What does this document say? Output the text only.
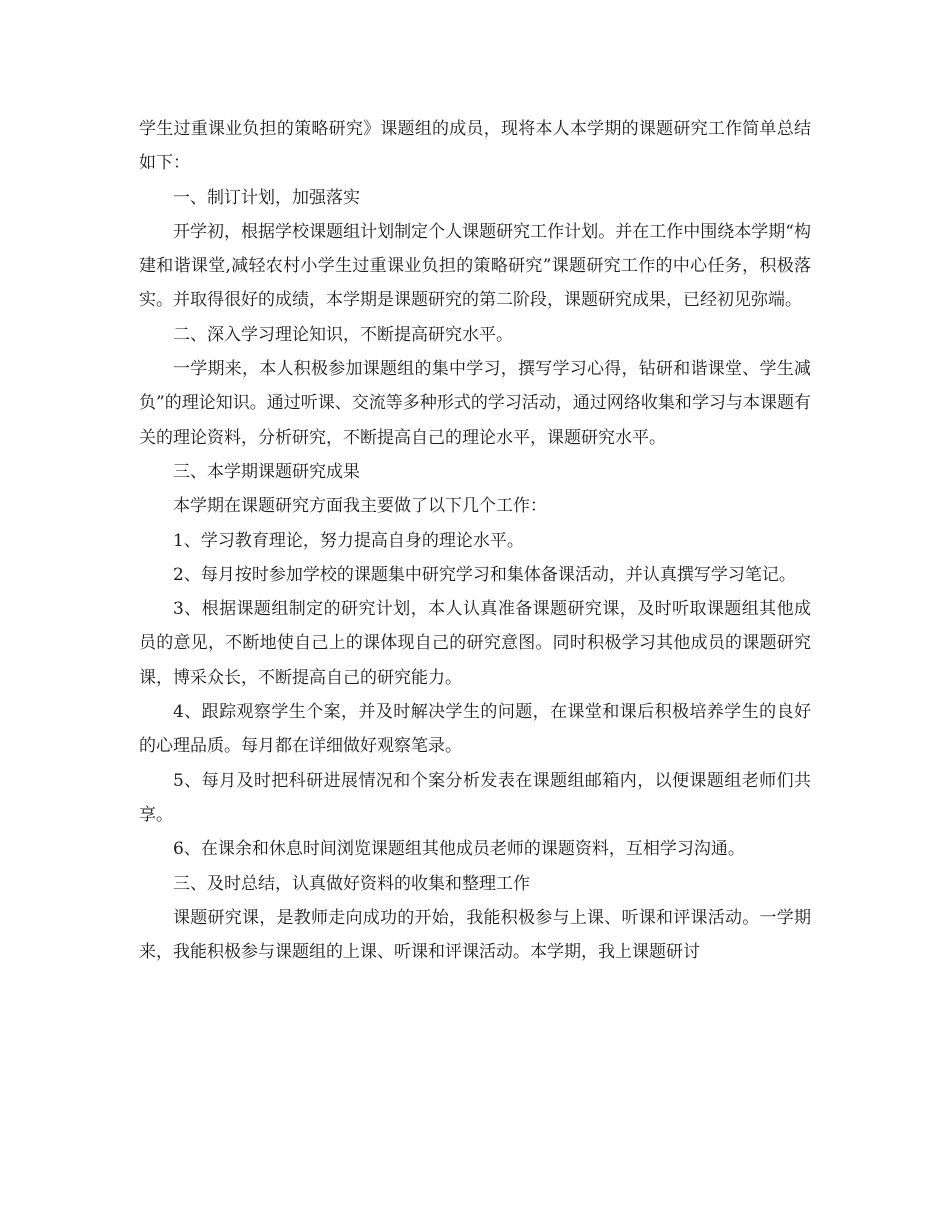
学生过重课业负担的策略研究》课题组的成员，现将本人本学期的课题研究工作简单总结如下：

一、制订计划，加强落实

开学初，根据学校课题组计划制定个人课题研究工作计划。并在工作中围绕本学期“构建和谐课堂,减轻农村小学生过重课业负担的策略研究”课题研究工作的中心任务，积极落实。并取得很好的成绩，本学期是课题研究的第二阶段，课题研究成果，已经初见弥端。

二、深入学习理论知识，不断提高研究水平。

一学期来，本人积极参加课题组的集中学习，撰写学习心得，钻研和谐课堂、学生减负”的理论知识。通过听课、交流等多种形式的学习活动，通过网络收集和学习与本课题有关的理论资料，分析研究，不断提高自己的理论水平，课题研究水平。

三、本学期课题研究成果

本学期在课题研究方面我主要做了以下几个工作：

1、学习教育理论，努力提高自身的理论水平。

2、每月按时参加学校的课题集中研究学习和集体备课活动，并认真撰写学习笔记。

3、根据课题组制定的研究计划，本人认真准备课题研究课，及时听取课题组其他成员的意见，不断地使自己上的课体现自己的研究意图。同时积极学习其他成员的课题研究课，博采众长，不断提高自己的研究能力。

4、跟踪观察学生个案，并及时解决学生的问题，在课堂和课后积极培养学生的良好的心理品质。每月都在详细做好观察笔录。

5、每月及时把科研进展情况和个案分析发表在课题组邮箱内，以便课题组老师们共享。

6、在课余和休息时间浏览课题组其他成员老师的课题资料，互相学习沟通。

三、及时总结，认真做好资料的收集和整理工作

课题研究课，是教师走向成功的开始，我能积极参与上课、听课和评课活动。一学期来，我能积极参与课题组的上课、听课和评课活动。本学期，我上课题研讨
